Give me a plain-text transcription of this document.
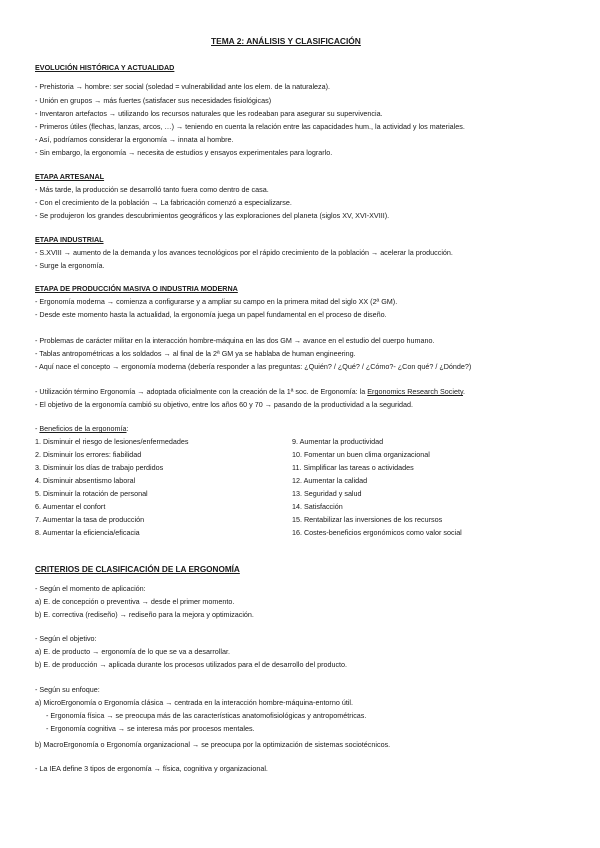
TEMA 2: ANÁLISIS Y CLASIFICACIÓN
EVOLUCIÓN HISTÓRICA Y ACTUALIDAD
- Prehistoria → hombre: ser social (soledad = vulnerabilidad ante los elem. de la naturaleza).
- Unión en grupos → más fuertes (satisfacer sus necesidades fisiológicas)
- Inventaron artefactos → utilizando los recursos naturales que les rodeaban para asegurar su supervivencia.
- Primeros útiles (flechas, lanzas, arcos, …) → teniendo en cuenta la relación entre las capacidades hum., la actividad y los materiales.
- Así, podríamos considerar la ergonomía → innata al hombre.
- Sin embargo, la ergonomía → necesita de estudios y ensayos experimentales para lograrlo.
ETAPA ARTESANAL
- Más tarde, la producción se desarrolló tanto fuera como dentro de casa.
- Con el crecimiento de la población → La fabricación comenzó a especializarse.
- Se produjeron los grandes descubrimientos geográficos y las exploraciones del planeta (siglos XV, XVI-XVIII).
ETAPA INDUSTRIAL
- S.XVIII → aumento de la demanda y los avances tecnológicos por el rápido crecimiento de la población → acelerar la producción.
- Surge la ergonomía.
ETAPA DE PRODUCCIÓN MASIVA O INDUSTRIA MODERNA
- Ergonomía moderna → comienza a configurarse y a ampliar su campo en la primera mitad del siglo XX (2ª GM).
- Desde este momento hasta la actualidad, la ergonomía juega un papel fundamental en el proceso de diseño.
- Problemas de carácter militar en la interacción hombre-máquina en las dos GM → avance en el estudio del cuerpo humano.
- Tablas antropométricas a los soldados → al final de la 2ª GM ya se hablaba de human engineering.
- Aquí nace el concepto → ergonomía moderna (debería responder a las preguntas: ¿Quién? / ¿Qué? / ¿Cómo?- ¿Con qué? / ¿Dónde?)
- Utilización término Ergonomía → adoptada oficialmente con la creación de la 1ª soc. de Ergonomía: la Ergonomics Research Society.
- El objetivo de la ergonomía cambió su objetivo, entre los años 60 y 70 → pasando de la productividad a la seguridad.
- Beneficios de la ergonomía:
1. Disminuir el riesgo de lesiones/enfermedades
2. Disminuir los errores: fiabilidad
3. Disminuir los días de trabajo perdidos
4. Disminuir absentismo laboral
5. Disminuir la rotación de personal
6. Aumentar el confort
7. Aumentar la tasa de producción
8. Aumentar la eficiencia/eficacia
9. Aumentar la productividad
10. Fomentar un buen clima organizacional
11. Simplificar las tareas o actividades
12. Aumentar la calidad
13. Seguridad y salud
14. Satisfacción
15. Rentabilizar las inversiones de los recursos
16. Costes-beneficios ergonómicos como valor social
CRITERIOS DE CLASIFICACIÓN DE LA ERGONOMÍA
- Según el momento de aplicación:
a) E. de concepción o preventiva → desde el primer momento.
b) E. correctiva (rediseño) → rediseño para la mejora y optimización.
- Según el objetivo:
a) E. de producto → ergonomía de lo que se va a desarrollar.
b) E. de producción → aplicada durante los procesos utilizados para el de desarrollo del producto.
- Según su enfoque:
a) MicroErgonomía o Ergonomía clásica → centrada en la interacción hombre-máquina-entorno útil.
- Ergonomía física → se preocupa más de las características anatomofisiológicas y antropométricas.
- Ergonomía cognitiva → se interesa más por procesos mentales.
b) MacroErgonomía o Ergonomía organizacional → se preocupa por la optimización de sistemas sociotécnicos.
- La IEA define 3 tipos de ergonomía → física, cognitiva y organizacional.
